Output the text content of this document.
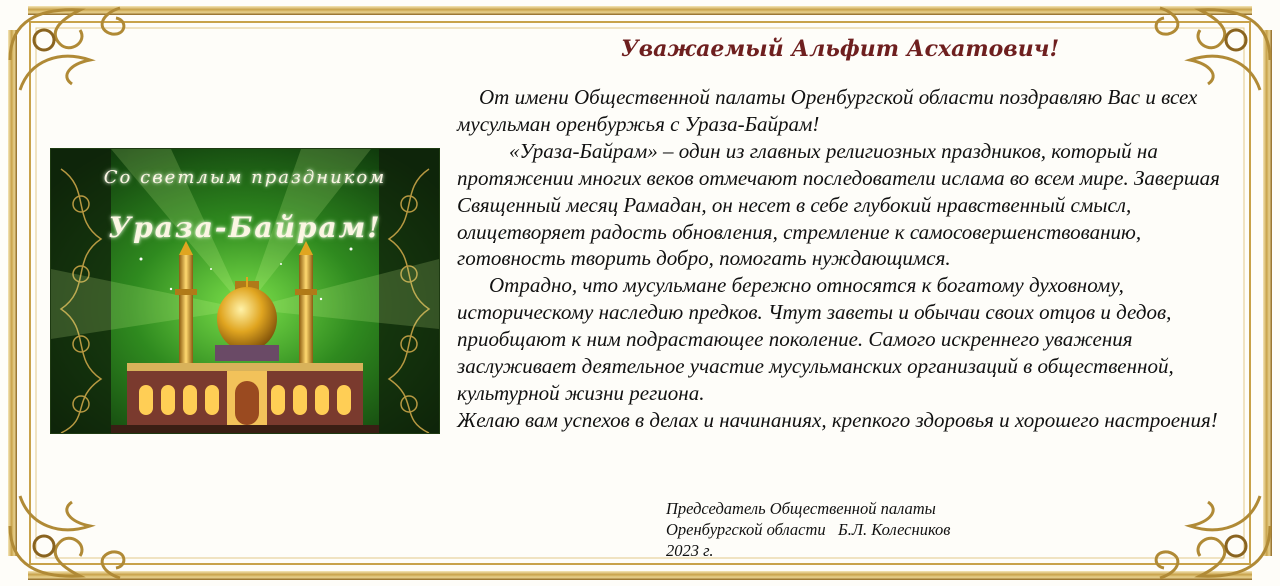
Со светлым праздником
Ураза-Байрам!
Уважаемый Альфит Асхатович!

От имени Общественной палаты Оренбургской области поздравляю Вас и всех мусульман оренбуржья с Ураза-Байрам!

«Ураза-Байрам» – один из главных религиозных праздников, который на протяжении многих веков отмечают последователи ислама во всем мире. Завершая Священный месяц Рамадан, он несет в себе глубокий нравственный смысл, олицетворяет радость обновления, стремление к самосовершенствованию, готовность творить добро, помогать нуждающимся.

Отрадно, что мусульмане бережно относятся к богатому духовному, историческому наследию предков. Чтут заветы и обычаи своих отцов и дедов, приобщают к ним подрастающее поколение. Самого искреннего уважения заслуживает деятельное участие мусульманских организаций в общественной, культурной жизни региона.

Желаю вам успехов в делах и начинаниях, крепкого здоровья и хорошего настроения!

Председатель Общественной палаты
Оренбургской области   Б.Л. Колесников
2023 г.
